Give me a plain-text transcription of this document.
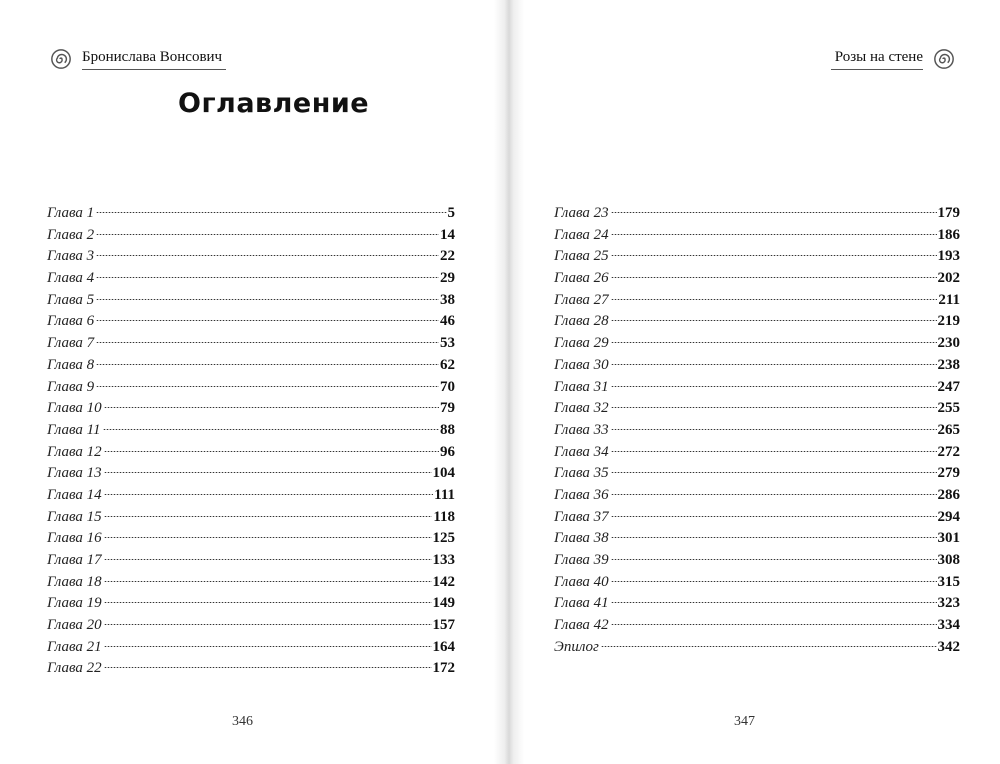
Бронислава Вонсович
Оглавление
Глава 1	5
Глава 2	14
Глава 3	22
Глава 4	29
Глава 5	38
Глава 6	46
Глава 7	53
Глава 8	62
Глава 9	70
Глава 10	79
Глава 11	88
Глава 12	96
Глава 13	104
Глава 14	111
Глава 15	118
Глава 16	125
Глава 17	133
Глава 18	142
Глава 19	149
Глава 20	157
Глава 21	164
Глава 22	172
346
Розы на стене
Глава 23	179
Глава 24	186
Глава 25	193
Глава 26	202
Глава 27	211
Глава 28	219
Глава 29	230
Глава 30	238
Глава 31	247
Глава 32	255
Глава 33	265
Глава 34	272
Глава 35	279
Глава 36	286
Глава 37	294
Глава 38	301
Глава 39	308
Глава 40	315
Глава 41	323
Глава 42	334
Эпилог	342
347
